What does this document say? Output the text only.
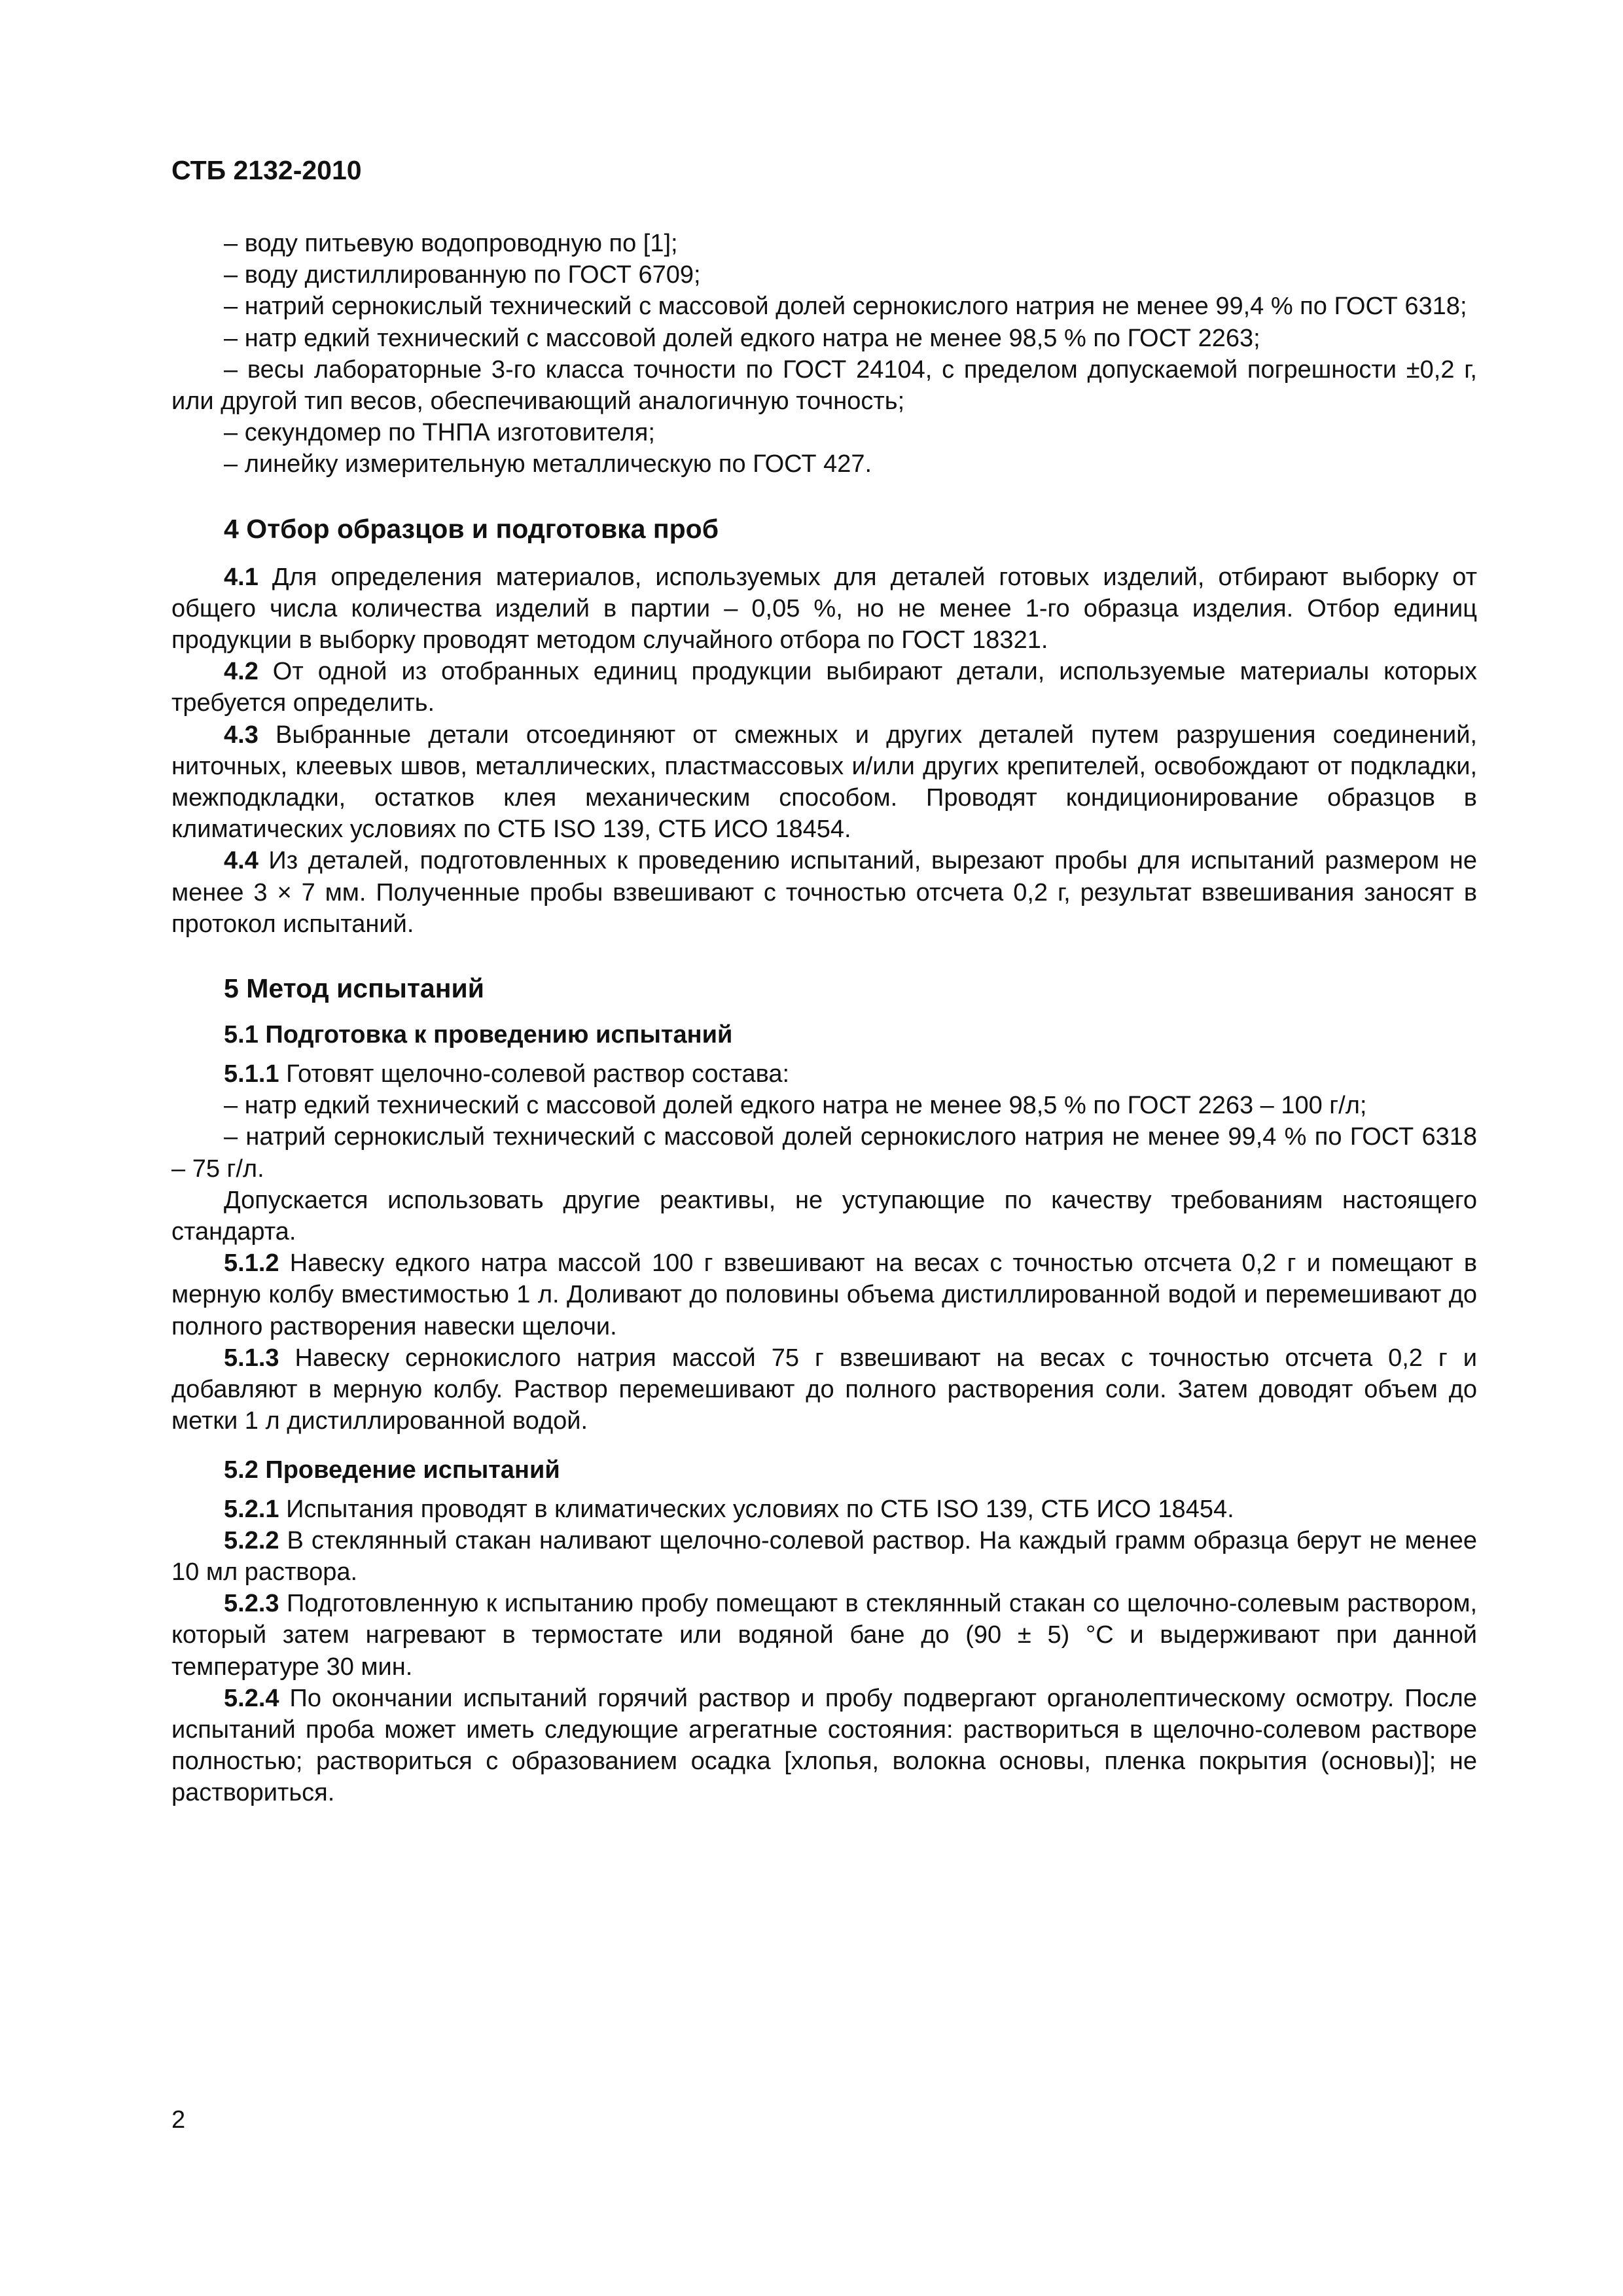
СТБ 2132-2010

– воду питьевую водопроводную по [1];

– воду дистиллированную по ГОСТ 6709;

– натрий сернокислый технический с массовой долей сернокислого натрия не менее 99,4 % по ГОСТ 6318;

– натр едкий технический с массовой долей едкого натра не менее 98,5 % по ГОСТ 2263;

– весы лабораторные 3-го класса точности по ГОСТ 24104, с пределом допускаемой погрешности ±0,2 г, или другой тип весов, обеспечивающий аналогичную точность;

– секундомер по ТНПА изготовителя;

– линейку измерительную металлическую по ГОСТ 427.

4 Отбор образцов и подготовка проб

4.1 Для определения материалов, используемых для деталей готовых изделий, отбирают выборку от общего числа количества изделий в партии – 0,05 %, но не менее 1-го образца изделия. Отбор единиц продукции в выборку проводят методом случайного отбора по ГОСТ 18321.

4.2 От одной из отобранных единиц продукции выбирают детали, используемые материалы которых требуется определить.

4.3 Выбранные детали отсоединяют от смежных и других деталей путем разрушения соединений, ниточных, клеевых швов, металлических, пластмассовых и/или других крепителей, освобождают от подкладки, межподкладки, остатков клея механическим способом. Проводят кондиционирование образцов в климатических условиях по СТБ ISO 139, СТБ ИСО 18454.

4.4 Из деталей, подготовленных к проведению испытаний, вырезают пробы для испытаний размером не менее 3 × 7 мм. Полученные пробы взвешивают с точностью отсчета 0,2 г, результат взвешивания заносят в протокол испытаний.

5 Метод испытаний
5.1 Подготовка к проведению испытаний

5.1.1 Готовят щелочно-солевой раствор состава:

– натр едкий технический с массовой долей едкого натра не менее 98,5 % по ГОСТ 2263 – 100 г/л;

– натрий сернокислый технический с массовой долей сернокислого натрия не менее 99,4 % по ГОСТ 6318 – 75 г/л.

Допускается использовать другие реактивы, не уступающие по качеству требованиям настоящего стандарта.

5.1.2 Навеску едкого натра массой 100 г взвешивают на весах с точностью отсчета 0,2 г и помещают в мерную колбу вместимостью 1 л. Доливают до половины объема дистиллированной водой и перемешивают до полного растворения навески щелочи.

5.1.3 Навеску сернокислого натрия массой 75 г взвешивают на весах с точностью отсчета 0,2 г и добавляют в мерную колбу. Раствор перемешивают до полного растворения соли. Затем доводят объем до метки 1 л дистиллированной водой.

5.2 Проведение испытаний

5.2.1 Испытания проводят в климатических условиях по СТБ ISO 139, СТБ ИСО 18454.

5.2.2 В стеклянный стакан наливают щелочно-солевой раствор. На каждый грамм образца берут не менее 10 мл раствора.

5.2.3 Подготовленную к испытанию пробу помещают в стеклянный стакан со щелочно-солевым раствором, который затем нагревают в термостате или водяной бане до (90 ± 5) °С и выдерживают при данной температуре 30 мин.

5.2.4 По окончании испытаний горячий раствор и пробу подвергают органолептическому осмотру. После испытаний проба может иметь следующие агрегатные состояния: раствориться в щелочно-солевом растворе полностью; раствориться с образованием осадка [хлопья, волокна основы, пленка покрытия (основы)]; не раствориться.

2
